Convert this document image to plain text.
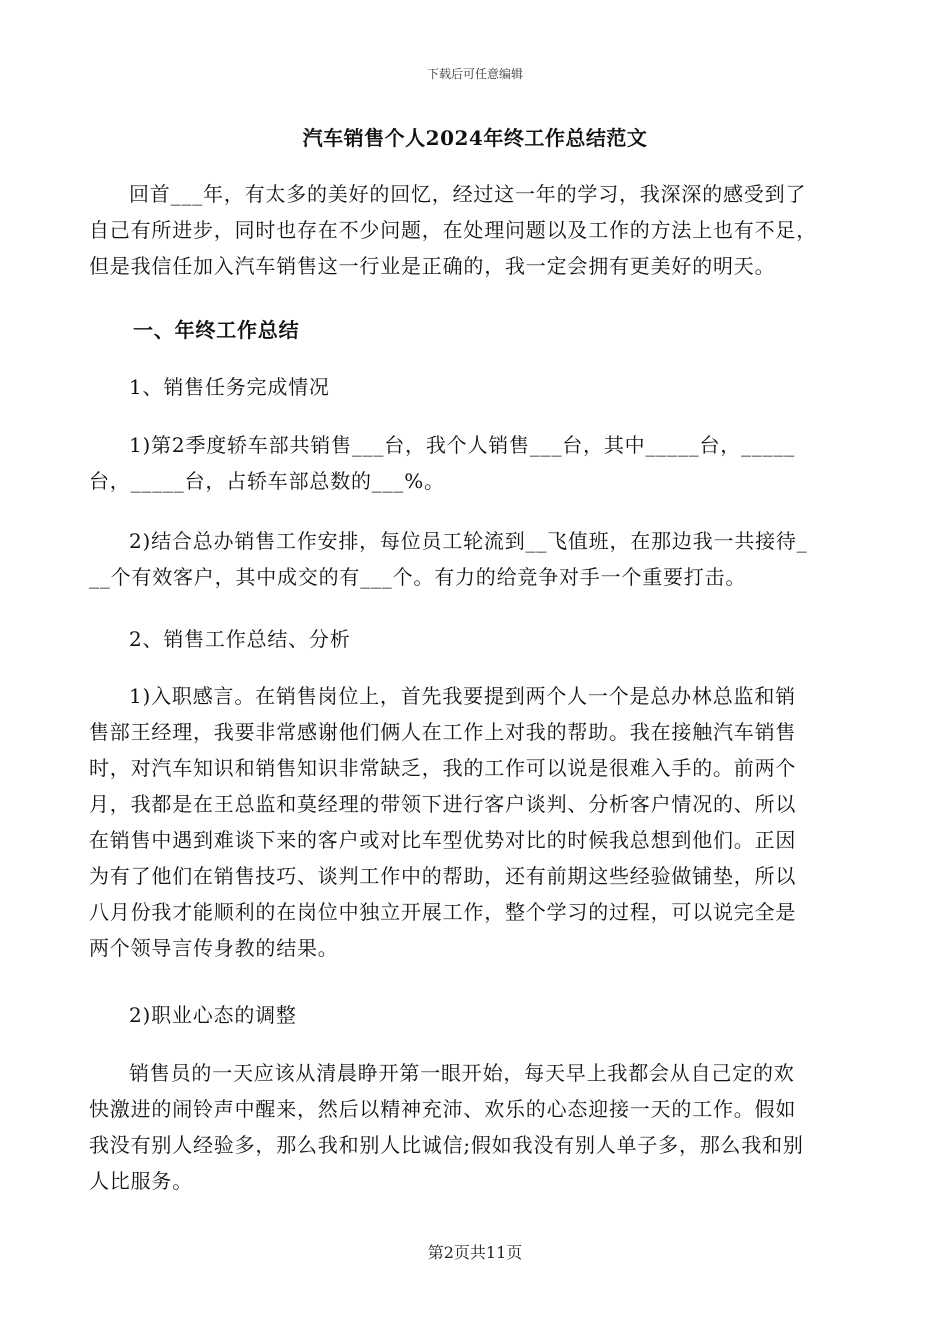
下载后可任意编辑
汽车销售个人2024年终工作总结范文

回首___年，有太多的美好的回忆，经过这一年的学习，我深深的感受到了
自己有所进步，同时也存在不少问题，在处理问题以及工作的方法上也有不足，
但是我信任加入汽车销售这一行业是正确的，我一定会拥有更美好的明天。

一、年终工作总结

1、销售任务完成情况

1)第2季度轿车部共销售___台，我个人销售___台，其中_____台，_____
台，_____台，占轿车部总数的___%。

2)结合总办销售工作安排，每位员工轮流到__飞值班，在那边我一共接待_
__个有效客户，其中成交的有___个。有力的给竞争对手一个重要打击。

2、销售工作总结、分析

1)入职感言。在销售岗位上，首先我要提到两个人一个是总办林总监和销
售部王经理，我要非常感谢他们俩人在工作上对我的帮助。我在接触汽车销售
时，对汽车知识和销售知识非常缺乏，我的工作可以说是很难入手的。前两个
月，我都是在王总监和莫经理的带领下进行客户谈判、分析客户情况的、所以
在销售中遇到难谈下来的客户或对比车型优势对比的时候我总想到他们。正因
为有了他们在销售技巧、谈判工作中的帮助，还有前期这些经验做铺垫，所以
八月份我才能顺利的在岗位中独立开展工作，整个学习的过程，可以说完全是
两个领导言传身教的结果。

2)职业心态的调整

销售员的一天应该从清晨睁开第一眼开始，每天早上我都会从自己定的欢
快激进的闹铃声中醒来，然后以精神充沛、欢乐的心态迎接一天的工作。假如
我没有别人经验多，那么我和别人比诚信;假如我没有别人单子多，那么我和别
人比服务。

第2页共11页
